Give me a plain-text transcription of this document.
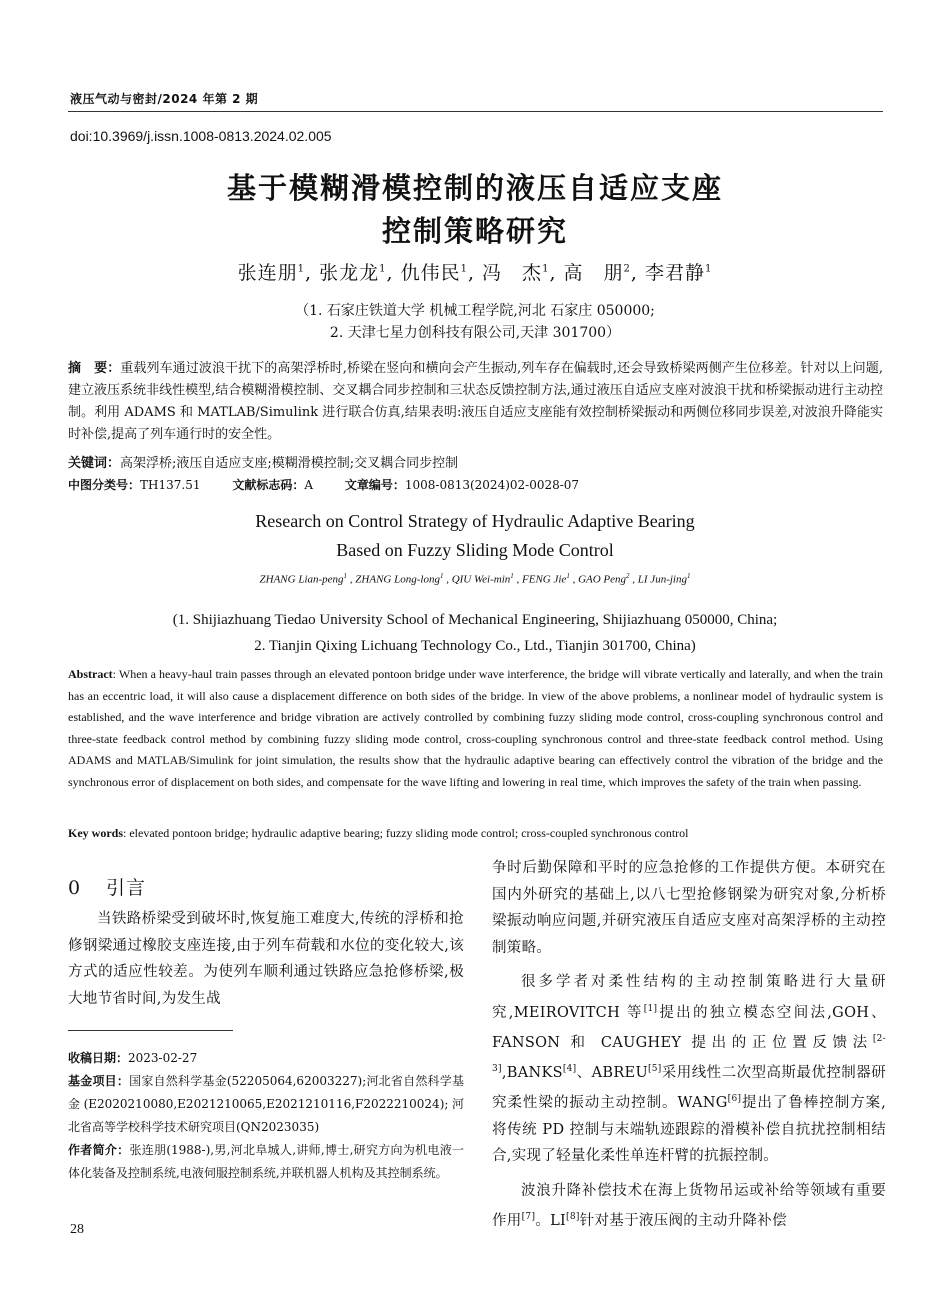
液压气动与密封/2024 年第 2 期
doi:10.3969/j.issn.1008-0813.2024.02.005
基于模糊滑模控制的液压自适应支座
控制策略研究
张连朋$^1$, 张龙龙$^1$, 仇伟民$^1$, 冯　杰$^1$, 高　朋$^2$, 李君静$^1$
（1. 石家庄铁道大学 机械工程学院,河北 石家庄 050000;
2. 天津七星力创科技有限公司,天津 301700）
摘　要：重载列车通过波浪干扰下的高架浮桥时,桥梁在竖向和横向会产生振动,列车存在偏载时,还会导致桥梁两侧产生位移差。针对以上问题,建立液压系统非线性模型,结合模糊滑模控制、交叉耦合同步控制和三状态反馈控制方法,通过液压自适应支座对波浪干扰和桥梁振动进行主动控制。利用 ADAMS 和 MATLAB/Simulink 进行联合仿真,结果表明:液压自适应支座能有效控制桥梁振动和两侧位移同步误差,对波浪升降能实时补偿,提高了列车通行时的安全性。
关键词：高架浮桥;液压自适应支座;模糊滑模控制;交叉耦合同步控制
中图分类号：TH137.51	文献标志码：A	文章编号：1008-0813(2024)02-0028-07
Research on Control Strategy of Hydraulic Adaptive Bearing
Based on Fuzzy Sliding Mode Control
ZHANG Lian-peng$^1$ , ZHANG Long-long$^1$ , QIU Wei-$\min^1$ , FENG Jie$^1$ , GAO Peng$^2$ , LI Jun-jing$^1$
(1. Shijiazhuang Tiedao University School of Mechanical Engineering, Shijiazhuang 050000, China;
2. Tianjin Qixing Lichuang Technology Co., Ltd., Tianjin 301700, China)
Abstract: When a heavy-haul train passes through an elevated pontoon bridge under wave interference, the bridge will vibrate vertically and laterally, and when the train has an eccentric load, it will also cause a displacement difference on both sides of the bridge. In view of the above problems, a nonlinear model of hydraulic system is established, and the wave interference and bridge vibration are actively controlled by combining fuzzy sliding mode control, cross-coupling synchronous control and three-state feedback control method by combining fuzzy sliding mode control, cross-coupling synchronous control and three-state feedback control method. Using ADAMS and MATLAB/Simulink for joint simulation, the results show that the hydraulic adaptive bearing can effectively control the vibration of the bridge and the synchronous error of displacement on both sides, and compensate for the wave lifting and lowering in real time, which improves the safety of the train when passing.
Key words: elevated pontoon bridge; hydraulic adaptive bearing; fuzzy sliding mode control; cross-coupled synchronous control
0 引言

当铁路桥梁受到破坏时,恢复施工难度大,传统的浮桥和抢修钢梁通过橡胶支座连接,由于列车荷载和水位的变化较大,该方式的适应性较差。为使列车顺利通过铁路应急抢修桥梁,极大地节省时间,为发生战

收稿日期：2023-02-27

基金项目：国家自然科学基金(52205064,62003227);河北省自然科学基金(E2020210080,E2021210065,E2021210116,F2022210024);河北省高等学校科学技术研究项目(QN2023035)

作者简介：张连朋(1988-),男,河北阜城人,讲师,博士,研究方向为机电液一体化装备及控制系统,电液伺服控制系统,并联机器人机构及其控制系统。

争时后勤保障和平时的应急抢修的工作提供方便。本研究在国内外研究的基础上,以八七型抢修钢梁为研究对象,分析桥梁振动响应问题,并研究液压自适应支座对高架浮桥的主动控制策略。

很多学者对柔性结构的主动控制策略进行大量研究,MEIROVITCH 等[1]提出的独立模态空间法,GOH、FANSON 和 CAUGHEY 提出的正位置反馈法[2-3],BANKS[4]、ABREU[5]采用线性二次型高斯最优控制器研究柔性梁的振动主动控制。WANG[6]提出了鲁棒控制方案,将传统 PD 控制与末端轨迹跟踪的滑模补偿自抗扰控制相结合,实现了轻量化柔性单连杆臂的抗振控制。

波浪升降补偿技术在海上货物吊运或补给等领域有重要作用[7]。LI[8]针对基于液压阀的主动升降补偿

28
